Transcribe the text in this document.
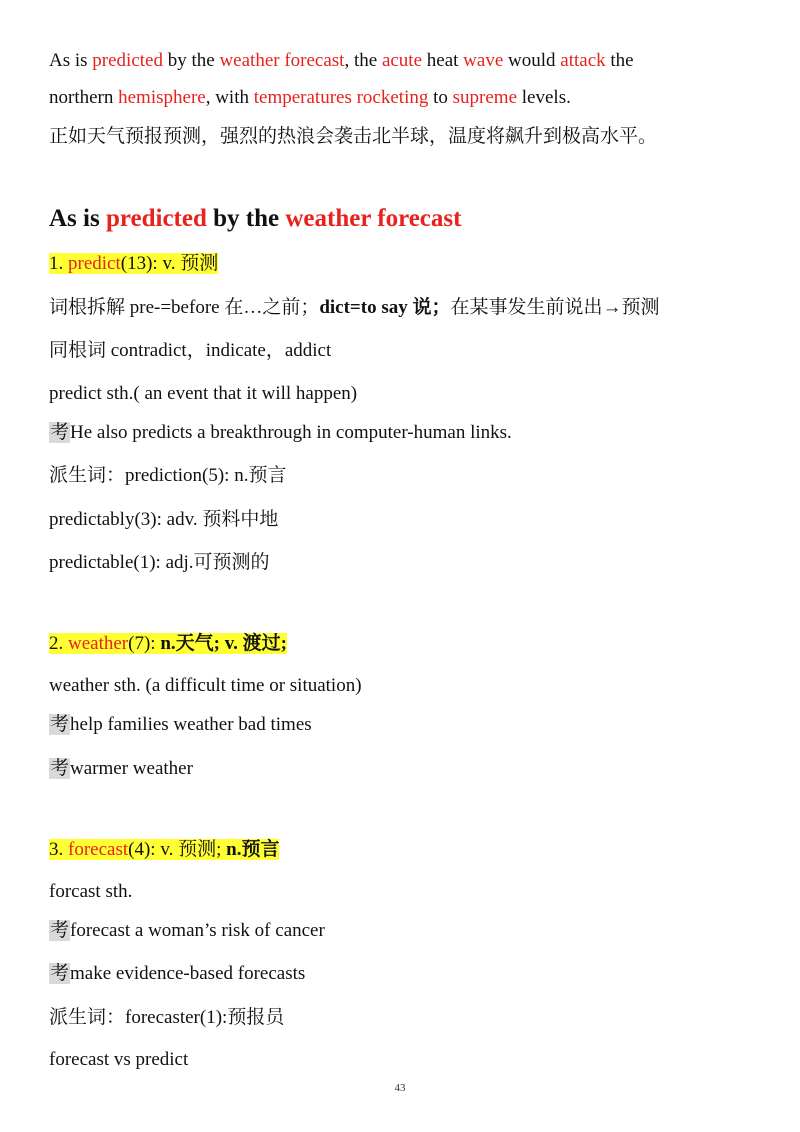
As is predicted by the weather forecast, the acute heat wave would attack the
northern hemisphere, with temperatures rocketing to supreme levels.
正如天气预报预测，强烈的热浪会袭击北半球，温度将飙升到极高水平。
As is predicted by the weather forecast
1. predict(13): v. 预测
词根拆解 pre-=before 在…之前；dict=to say 说；在某事发生前说出→预测
同根词 contradict，indicate，addict
predict sth.( an event that it will happen)
考He also predicts a breakthrough in computer-human links.
派生词：prediction(5): n.预言
predictably(3): adv. 预料中地
predictable(1): adj.可预测的
2. weather(7): n.天气; v. 渡过;
weather sth. (a difficult time or situation)
考help families weather bad times
考warmer weather
3. forecast(4): v. 预测; n.预言
forcast sth.
考forecast a woman’s risk of cancer
考make evidence-based forecasts
派生词：forecaster(1):预报员
forecast vs predict
43
